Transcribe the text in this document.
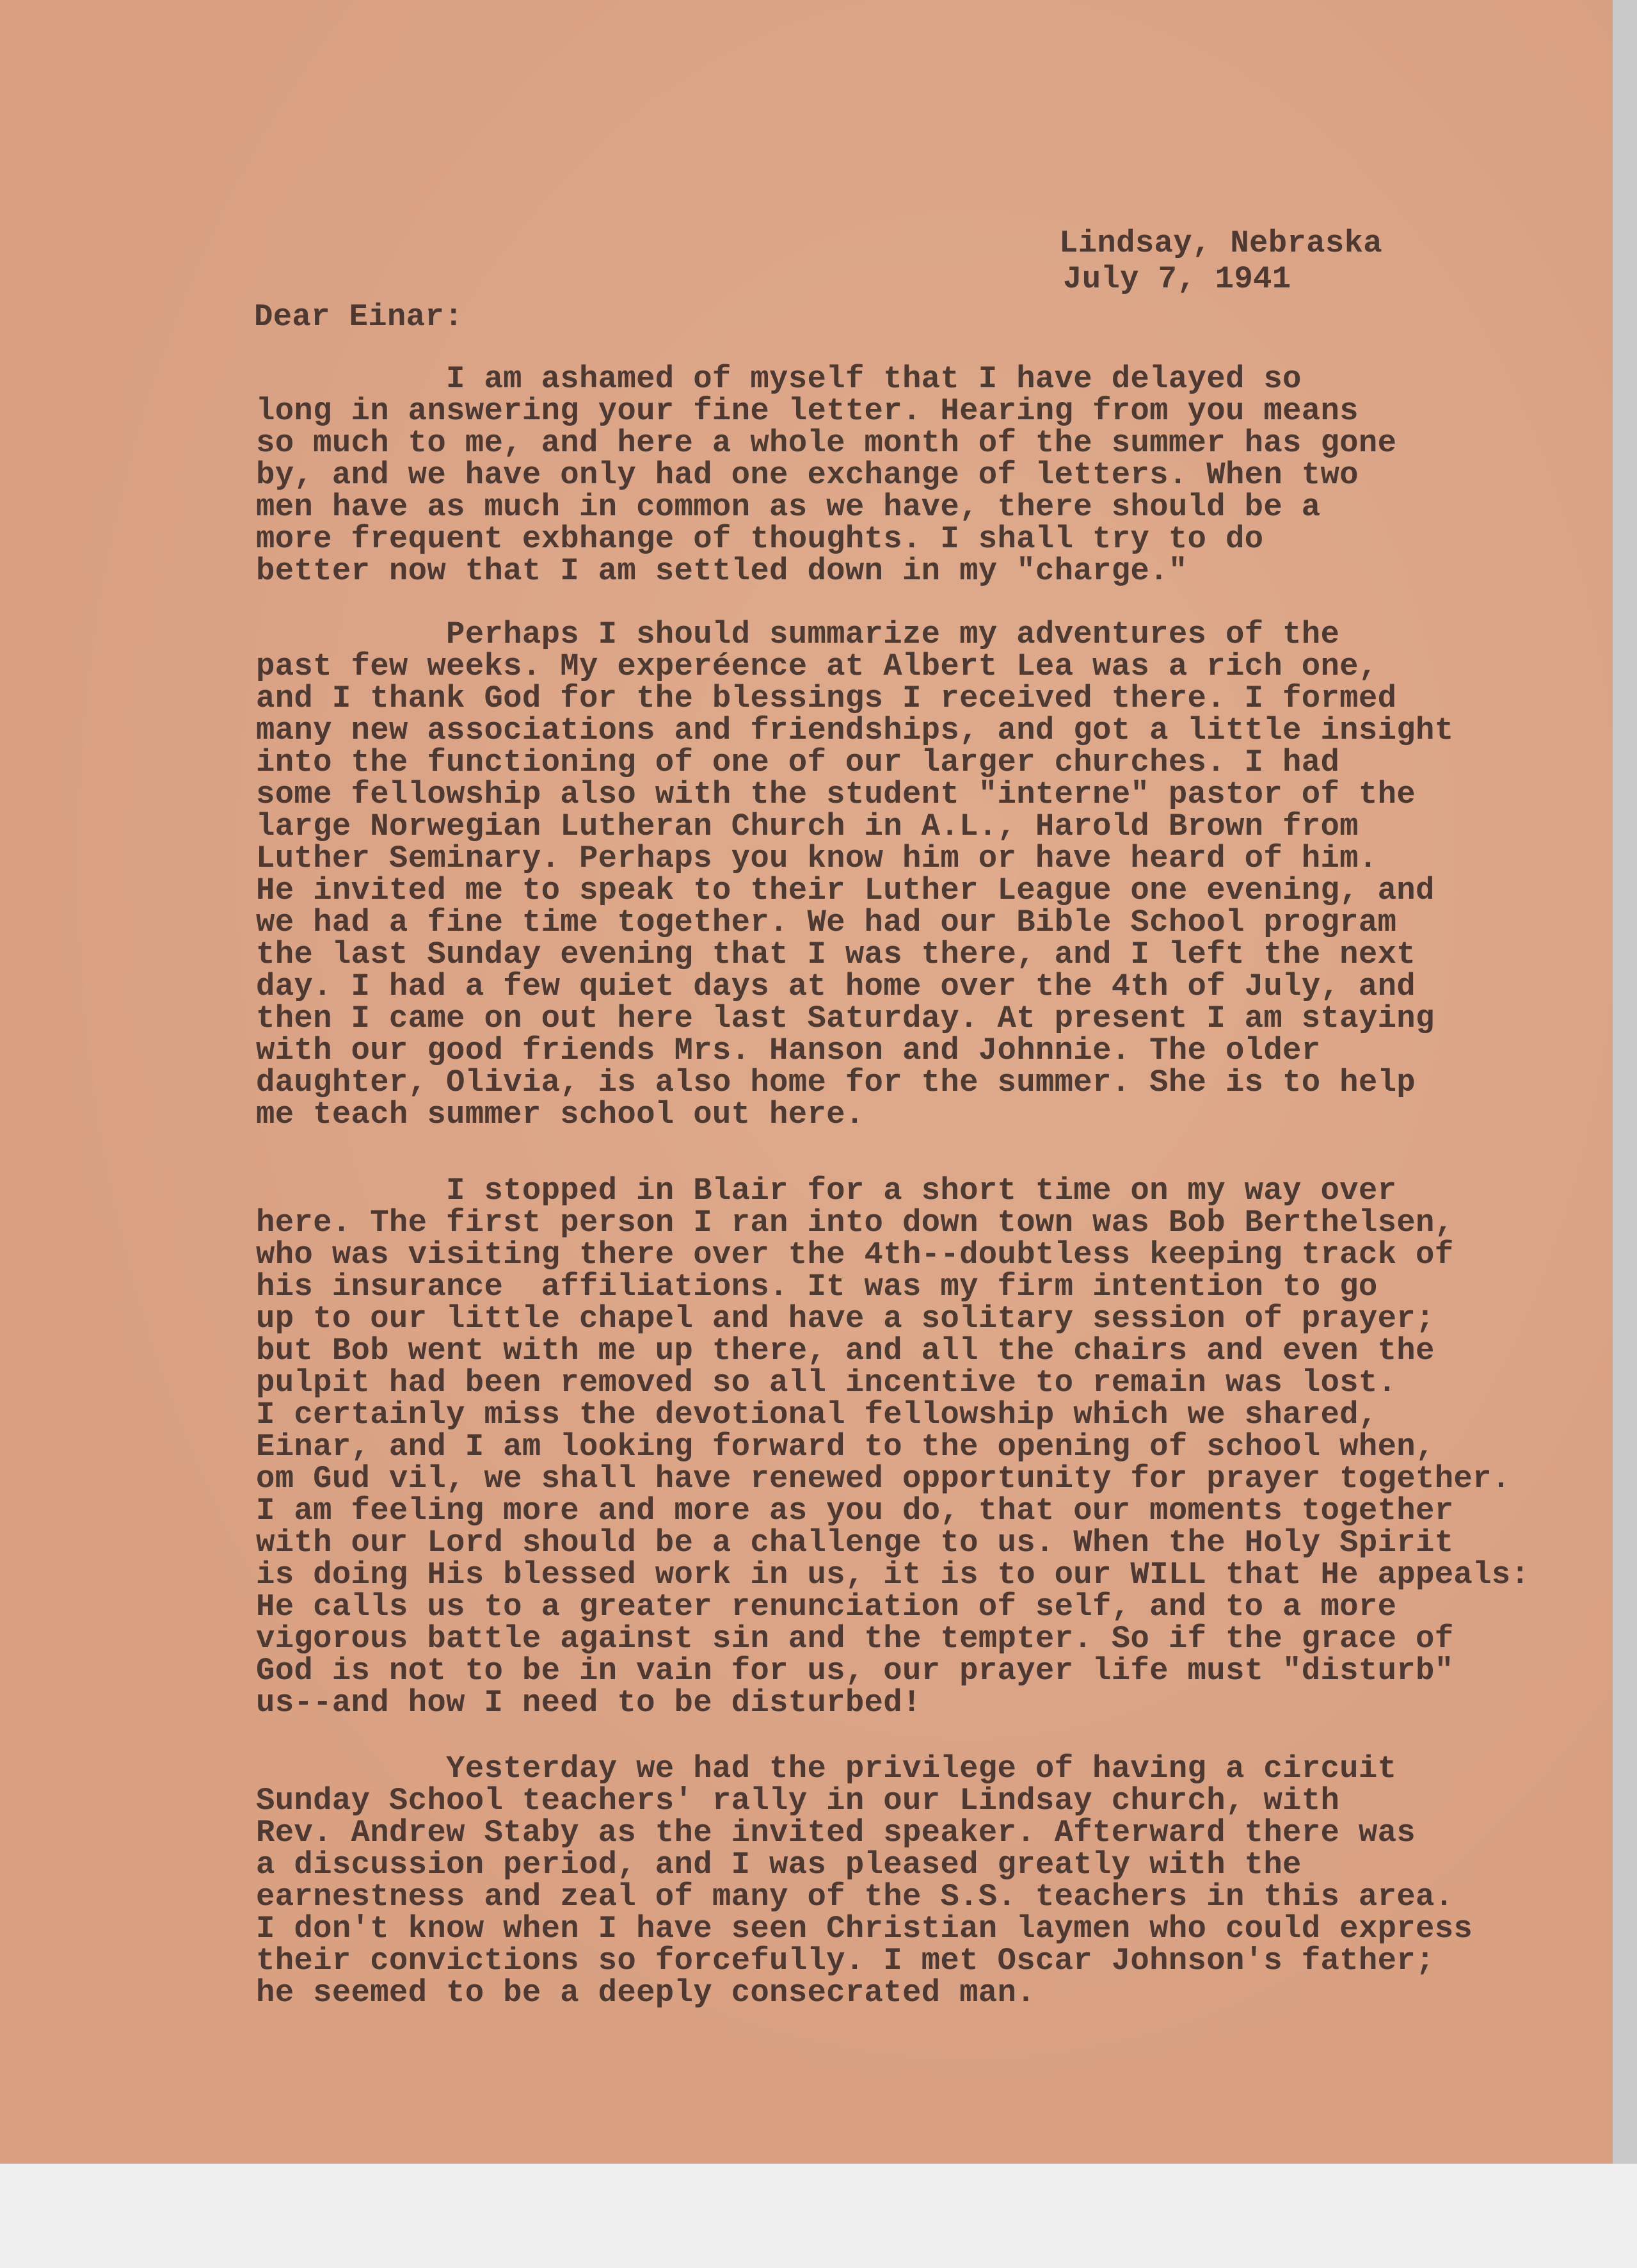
Lindsay, Nebraska
July 7, 1941
Dear Einar:
I am ashamed of myself that I have delayed so
long in answering your fine letter. Hearing from you means
so much to me, and here a whole month of the summer has gone
by, and we have only had one exchange of letters. When two
men have as much in common as we have, there should be a
more frequent exbhange of thoughts. I shall try to do
better now that I am settled down in my "charge."
Perhaps I should summarize my adventures of the
past few weeks. My experéence at Albert Lea was a rich one,
and I thank God for the blessings I received there. I formed
many new associations and friendships, and got a little insight
into the functioning of one of our larger churches. I had
some fellowship also with the student "interne" pastor of the
large Norwegian Lutheran Church in A.L., Harold Brown from
Luther Seminary. Perhaps you know him or have heard of him.
He invited me to speak to their Luther League one evening, and
we had a fine time together. We had our Bible School program
the last Sunday evening that I was there, and I left the next
day. I had a few quiet days at home over the 4th of July, and
then I came on out here last Saturday. At present I am staying
with our good friends Mrs. Hanson and Johnnie. The older
daughter, Olivia, is also home for the summer. She is to help
me teach summer school out here.
I stopped in Blair for a short time on my way over
here. The first person I ran into down town was Bob Berthelsen,
who was visiting there over the 4th--doubtless keeping track of
his insurance  affiliations. It was my firm intention to go
up to our little chapel and have a solitary session of prayer;
but Bob went with me up there, and all the chairs and even the
pulpit had been removed so all incentive to remain was lost.
I certainly miss the devotional fellowship which we shared,
Einar, and I am looking forward to the opening of school when,
om Gud vil, we shall have renewed opportunity for prayer together.
I am feeling more and more as you do, that our moments together
with our Lord should be a challenge to us. When the Holy Spirit
is doing His blessed work in us, it is to our WILL that He appeals:
He calls us to a greater renunciation of self, and to a more
vigorous battle against sin and the tempter. So if the grace of
God is not to be in vain for us, our prayer life must "disturb"
us--and how I need to be disturbed!
Yesterday we had the privilege of having a circuit
Sunday School teachers' rally in our Lindsay church, with
Rev. Andrew Staby as the invited speaker. Afterward there was
a discussion period, and I was pleased greatly with the
earnestness and zeal of many of the S.S. teachers in this area.
I don't know when I have seen Christian laymen who could express
their convictions so forcefully. I met Oscar Johnson's father;
he seemed to be a deeply consecrated man.
